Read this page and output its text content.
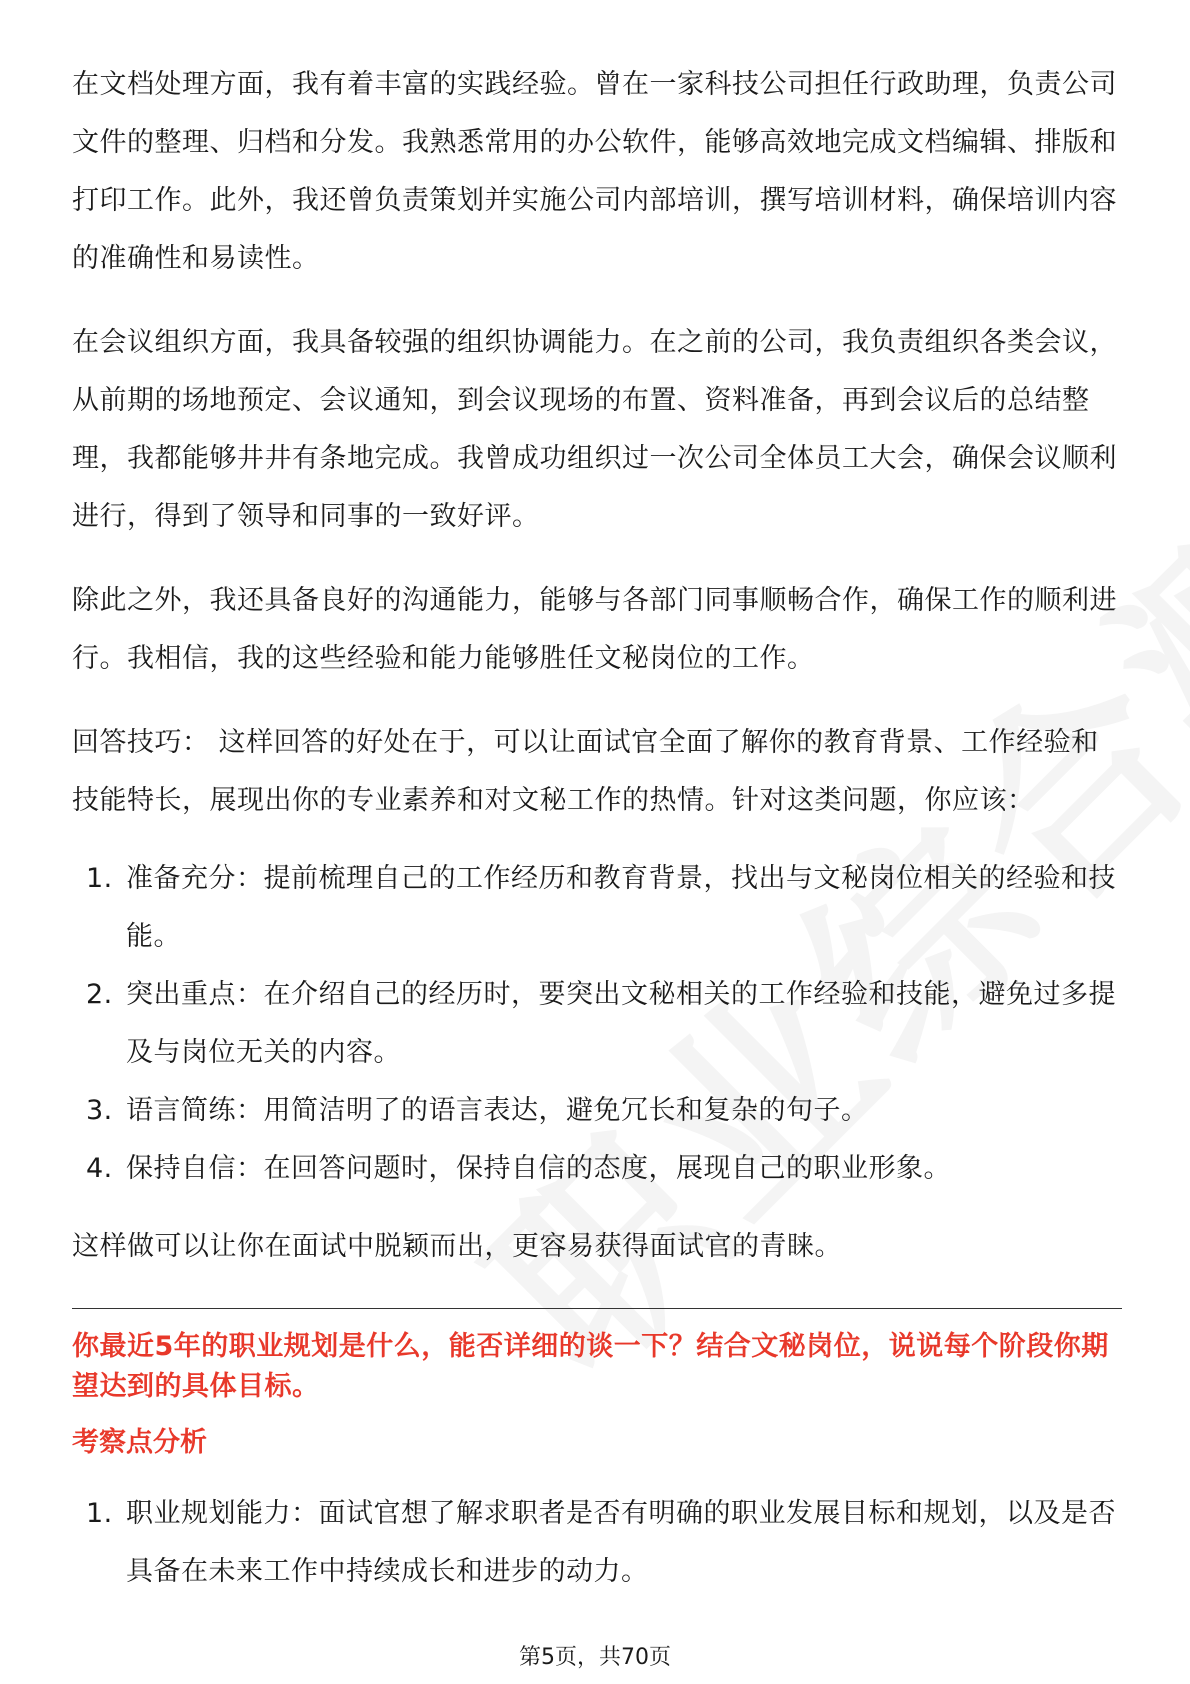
在文档处理方面，我有着丰富的实践经验。曾在一家科技公司担任行政助理，负责公司文件的整理、归档和分发。我熟悉常用的办公软件，能够高效地完成文档编辑、排版和打印工作。此外，我还曾负责策划并实施公司内部培训，撰写培训材料，确保培训内容的准确性和易读性。

在会议组织方面，我具备较强的组织协调能力。在之前的公司，我负责组织各类会议，从前期的场地预定、会议通知，到会议现场的布置、资料准备，再到会议后的总结整理，我都能够井井有条地完成。我曾成功组织过一次公司全体员工大会，确保会议顺利进行，得到了领导和同事的一致好评。

除此之外，我还具备良好的沟通能力，能够与各部门同事顺畅合作，确保工作的顺利进行。我相信，我的这些经验和能力能够胜任文秘岗位的工作。

回答技巧： 这样回答的好处在于，可以让面试官全面了解你的教育背景、工作经验和技能特长，展现出你的专业素养和对文秘工作的热情。针对这类问题，你应该：

1. 准备充分：提前梳理自己的工作经历和教育背景，找出与文秘岗位相关的经验和技能。
2. 突出重点：在介绍自己的经历时，要突出文秘相关的工作经验和技能，避免过多提及与岗位无关的内容。
3. 语言简练：用简洁明了的语言表达，避免冗长和复杂的句子。
4. 保持自信：在回答问题时，保持自信的态度，展现自己的职业形象。

这样做可以让你在面试中脱颖而出，更容易获得面试官的青睐。

你最近5年的职业规划是什么，能否详细的谈一下？结合文秘岗位，说说每个阶段你期望达到的具体目标。

考察点分析

1. 职业规划能力：面试官想了解求职者是否有明确的职业发展目标和规划，以及是否具备在未来工作中持续成长和进步的动力。
第5页，共70页
